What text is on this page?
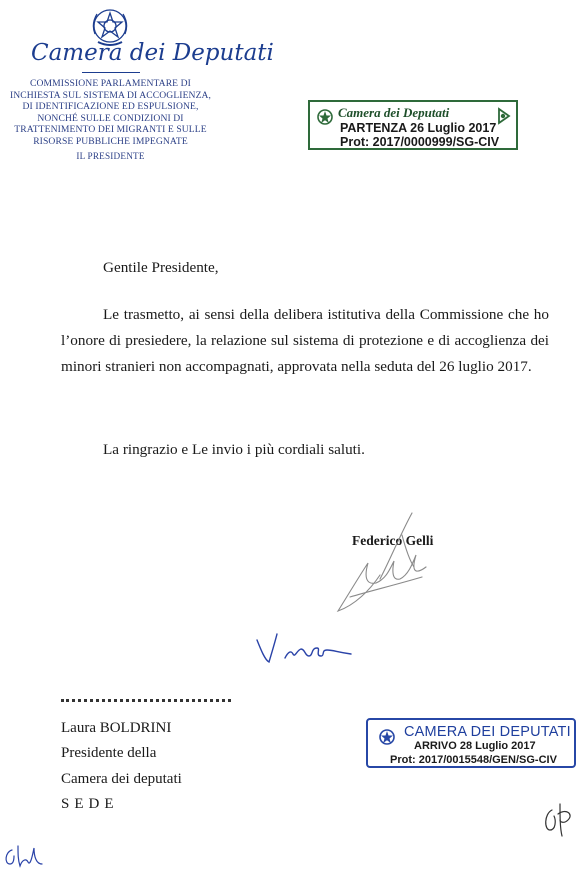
Camera dei Deputati
COMMISSIONE PARLAMENTARE DI
INCHIESTA SUL SISTEMA DI ACCOGLIENZA,
DI IDENTIFICAZIONE ED ESPULSIONE,
NONCHÉ SULLE CONDIZIONI DI
TRATTENIMENTO DEI MIGRANTI E SULLE
RISORSE PUBBLICHE IMPEGNATE
IL PRESIDENTE
Camera dei Deputati
PARTENZA 26 Luglio 2017
Prot: 2017/0000999/SG-CIV
Gentile Presidente,
Le trasmetto, ai sensi della delibera istitutiva della Commissione che ho l’onore di presiedere, la relazione sul sistema di protezione e di accoglienza dei minori stranieri non accompagnati, approvata nella seduta del 26 luglio 2017.
La ringrazio e Le invio i più cordiali saluti.
Federico Gelli
Laura BOLDRINI
Presidente della
Camera dei deputati
SEDE
CAMERA DEI DEPUTATI
ARRIVO 28 Luglio 2017
Prot: 2017/0015548/GEN/SG-CIV
